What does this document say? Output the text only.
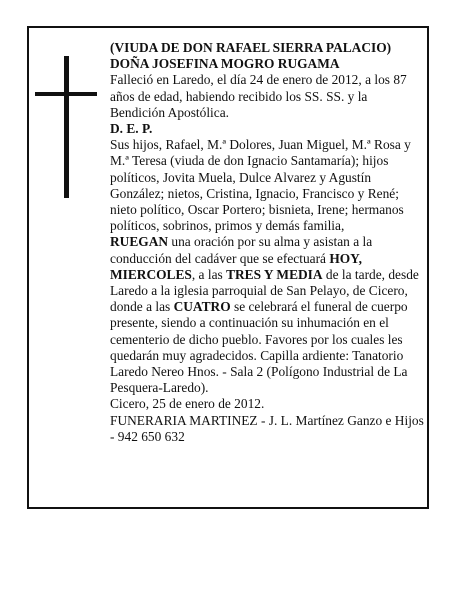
(VIUDA DE DON RAFAEL SIERRA PALACIO)

DOÑA JOSEFINA MOGRO RUGAMA

Falleció en Laredo, el día 24 de enero de 2012, a los 87 años de edad, habiendo recibido los SS. SS. y la Bendición Apostólica.

D. E. P.

Sus hijos, Rafael, M.ª Dolores, Juan Miguel, M.ª Rosa y M.ª Teresa (viuda de don Ignacio Santamaría); hijos políticos, Jovita Muela, Dulce Alvarez y Agustín González; nietos, Cristina, Ignacio, Francisco y René; nieto político, Oscar Portero; bisnieta, Irene; hermanos políticos, sobrinos, primos y demás familia,

RUEGAN una oración por su alma y asistan a la conducción del cadáver que se efectuará HOY, MIERCOLES, a las TRES Y MEDIA de la tarde, desde Laredo a la iglesia parroquial de San Pelayo, de Cicero, donde a las CUATRO se celebrará el funeral de cuerpo presente, siendo a continuación su inhumación en el cementerio de dicho pueblo. Favores por los cuales les quedarán muy agradecidos. Capilla ardiente: Tanatorio Laredo Nereo Hnos. - Sala 2 (Polígono Industrial de La Pesquera-Laredo).

Cicero, 25 de enero de 2012.

FUNERARIA MARTINEZ - J. L. Martínez Ganzo e Hijos - 942 650 632
